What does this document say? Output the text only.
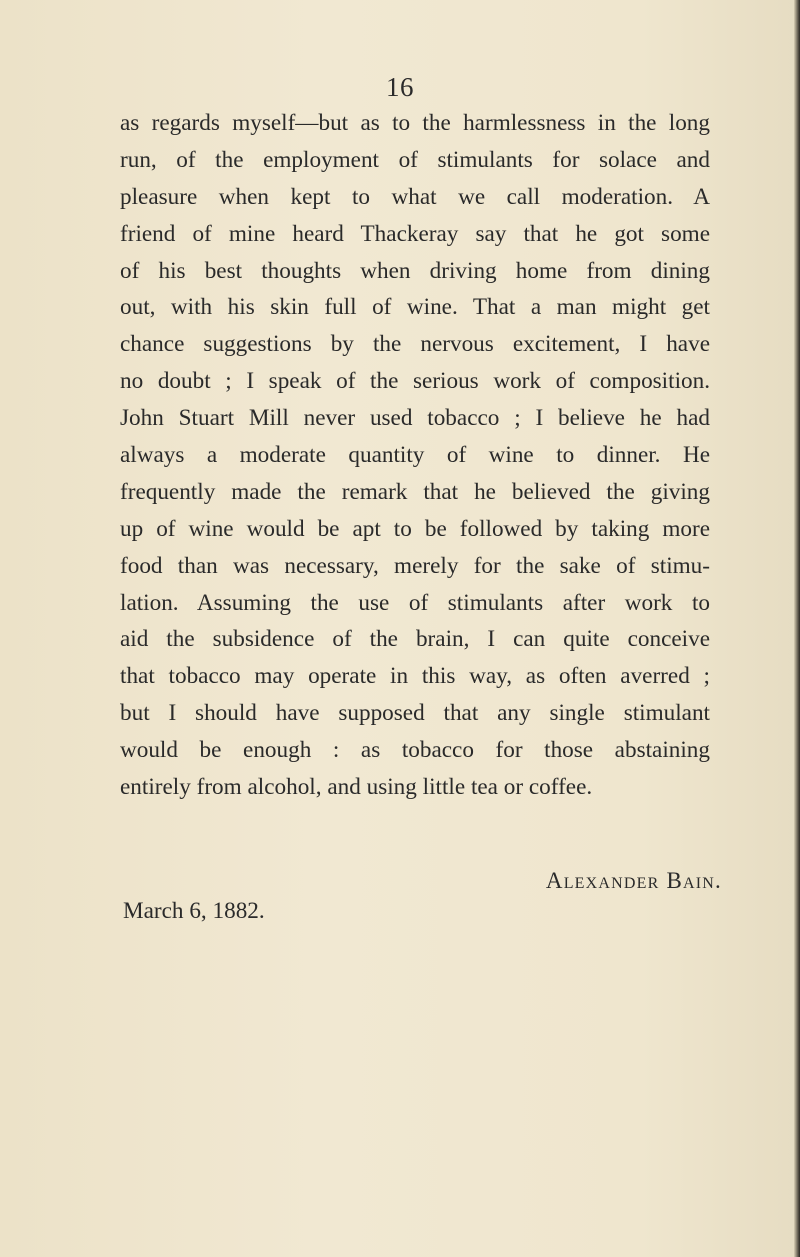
16
as regards myself—but as to the harmlessness in the long
run, of the employment of stimulants for solace and
pleasure when kept to what we call moderation. A
friend of mine heard Thackeray say that he got some
of his best thoughts when driving home from dining
out, with his skin full of wine. That a man might get
chance suggestions by the nervous excitement, I have
no doubt ; I speak of the serious work of composition.
John Stuart Mill never used tobacco ; I believe he had
always a moderate quantity of wine to dinner. He
frequently made the remark that he believed the giving
up of wine would be apt to be followed by taking more
food than was necessary, merely for the sake of stimu-
lation. Assuming the use of stimulants after work to
aid the subsidence of the brain, I can quite conceive
that tobacco may operate in this way, as often averred ;
but I should have supposed that any single stimulant
would be enough : as tobacco for those abstaining
entirely from alcohol, and using little tea or coffee.
Alexander Bain.
March 6, 1882.
